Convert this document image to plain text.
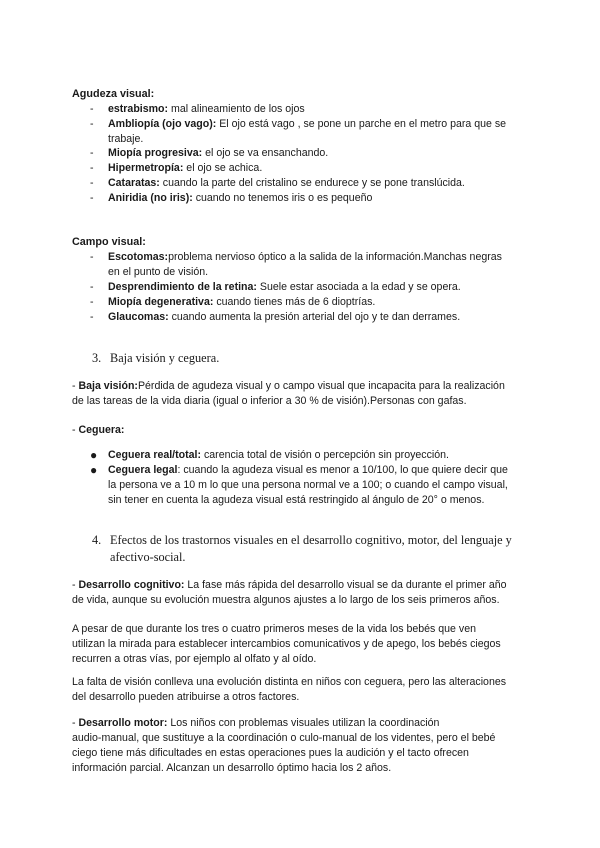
Agudeza visual:
- estrabismo: mal alineamiento de los ojos
- Ambliopía (ojo vago): El ojo está vago , se pone un parche en el metro para que se
trabaje.
- Miopía progresiva: el ojo se va ensanchando.
- Hipermetropía: el ojo se achica.
- Cataratas: cuando la parte del cristalino se endurece y se pone translúcida.
- Aniridia (no iris): cuando no tenemos iris o es pequeño
Campo visual:
- Escotomas:problema nervioso óptico a la salida de la información.Manchas negras
en el punto de visión.
- Desprendimiento de la retina: Suele estar asociada a la edad y se opera.
- Miopía degenerativa: cuando tienes más de 6 dioptrías.
- Glaucomas: cuando aumenta la presión arterial del ojo y te dan derrames.
3. Baja visión y ceguera.
- Baja visión:Pérdida de agudeza visual y o campo visual que incapacita para la realización
de las tareas de la vida diaria (igual o inferior a 30 % de visión).Personas con gafas.
- Ceguera:
● Ceguera real/total: carencia total de visión o percepción sin proyección.
● Ceguera legal: cuando la agudeza visual es menor a 10/100, lo que quiere decir que
la persona ve a 10 m lo que una persona normal ve a 100; o cuando el campo visual,
sin tener en cuenta la agudeza visual está restringido al ángulo de 20° o menos.
4. Efectos de los trastornos visuales en el desarrollo cognitivo, motor, del lenguaje y
afectivo-social.
- Desarrollo cognitivo: La fase más rápida del desarrollo visual se da durante el primer año
de vida, aunque su evolución muestra algunos ajustes a lo largo de los seis primeros años.
A pesar de que durante los tres o cuatro primeros meses de la vida los bebés que ven
utilizan la mirada para establecer intercambios comunicativos y de apego, los bebés ciegos
recurren a otras vías, por ejemplo al olfato y al oído.
La falta de visión conlleva una evolución distinta en niños con ceguera, pero las alteraciones
del desarrollo pueden atribuirse a otros factores.
- Desarrollo motor: Los niños con problemas visuales utilizan la coordinación
audio-manual, que sustituye a la coordinación o culo-manual de los videntes, pero el bebé
ciego tiene más dificultades en estas operaciones pues la audición y el tacto ofrecen
información parcial. Alcanzan un desarrollo óptimo hacia los 2 años.
